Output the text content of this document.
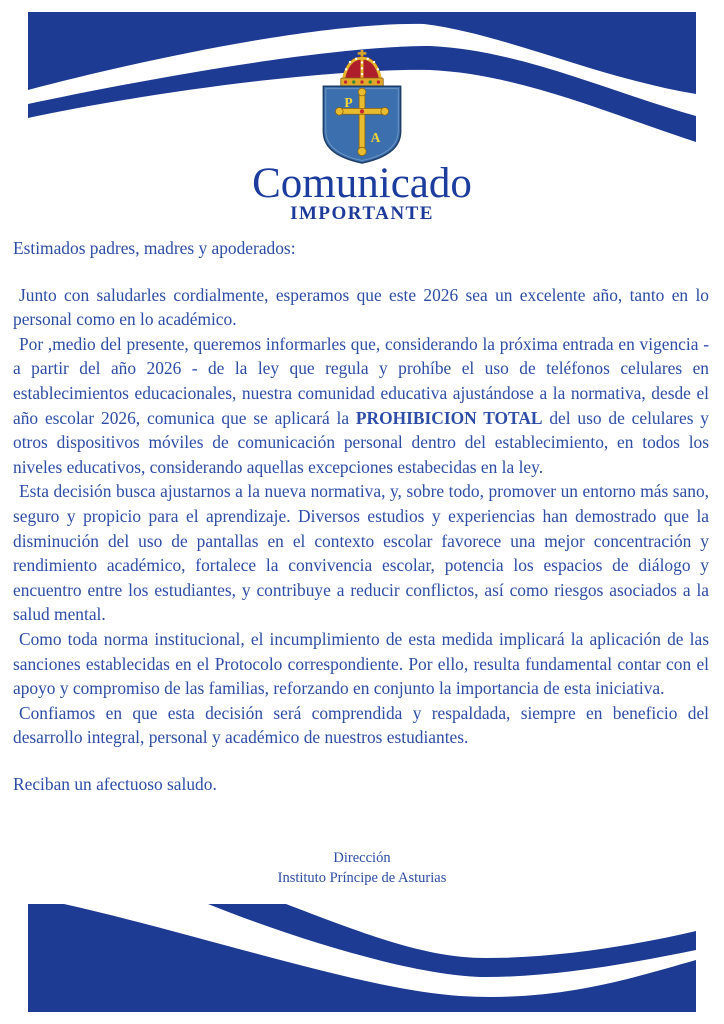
P
A
Comunicado
IMPORTANTE

Estimados padres, madres y apoderados:

Junto con saludarles cordialmente, esperamos que este 2026 sea un excelente año, tanto en lo personal como en lo académico.

Por ,medio del presente, queremos informarles que, considerando la próxima entrada en vigencia - a partir del año 2026 - de la ley que regula y prohíbe el uso de teléfonos celulares en establecimientos educacionales, nuestra comunidad educativa ajustándose a la normativa, desde el año escolar 2026, comunica que se aplicará la PROHIBICION TOTAL del uso de celulares y otros dispositivos móviles de comunicación personal dentro del establecimiento, en todos los niveles educativos, considerando aquellas excepciones estabecidas en la ley.

Esta decisión busca ajustarnos a la nueva normativa, y, sobre todo, promover un entorno más sano, seguro y propicio para el aprendizaje. Diversos estudios y experiencias han demostrado que la disminución del uso de pantallas en el contexto escolar favorece una mejor concentración y rendimiento académico, fortalece la convivencia escolar, potencia los espacios de diálogo y encuentro entre los estudiantes, y contribuye a reducir conflictos, así como riesgos asociados a la salud mental.

Como toda norma institucional, el incumplimiento de esta medida implicará la aplicación de las sanciones establecidas en el Protocolo correspondiente. Por ello, resulta fundamental contar con el apoyo y compromiso de las familias, reforzando en conjunto la importancia de esta iniciativa.

Confiamos en que esta decisión será comprendida y respaldada, siempre en beneficio del desarrollo integral, personal y académico de nuestros estudiantes.

Reciban un afectuoso saludo.

Dirección
Instituto Príncipe de Asturias
